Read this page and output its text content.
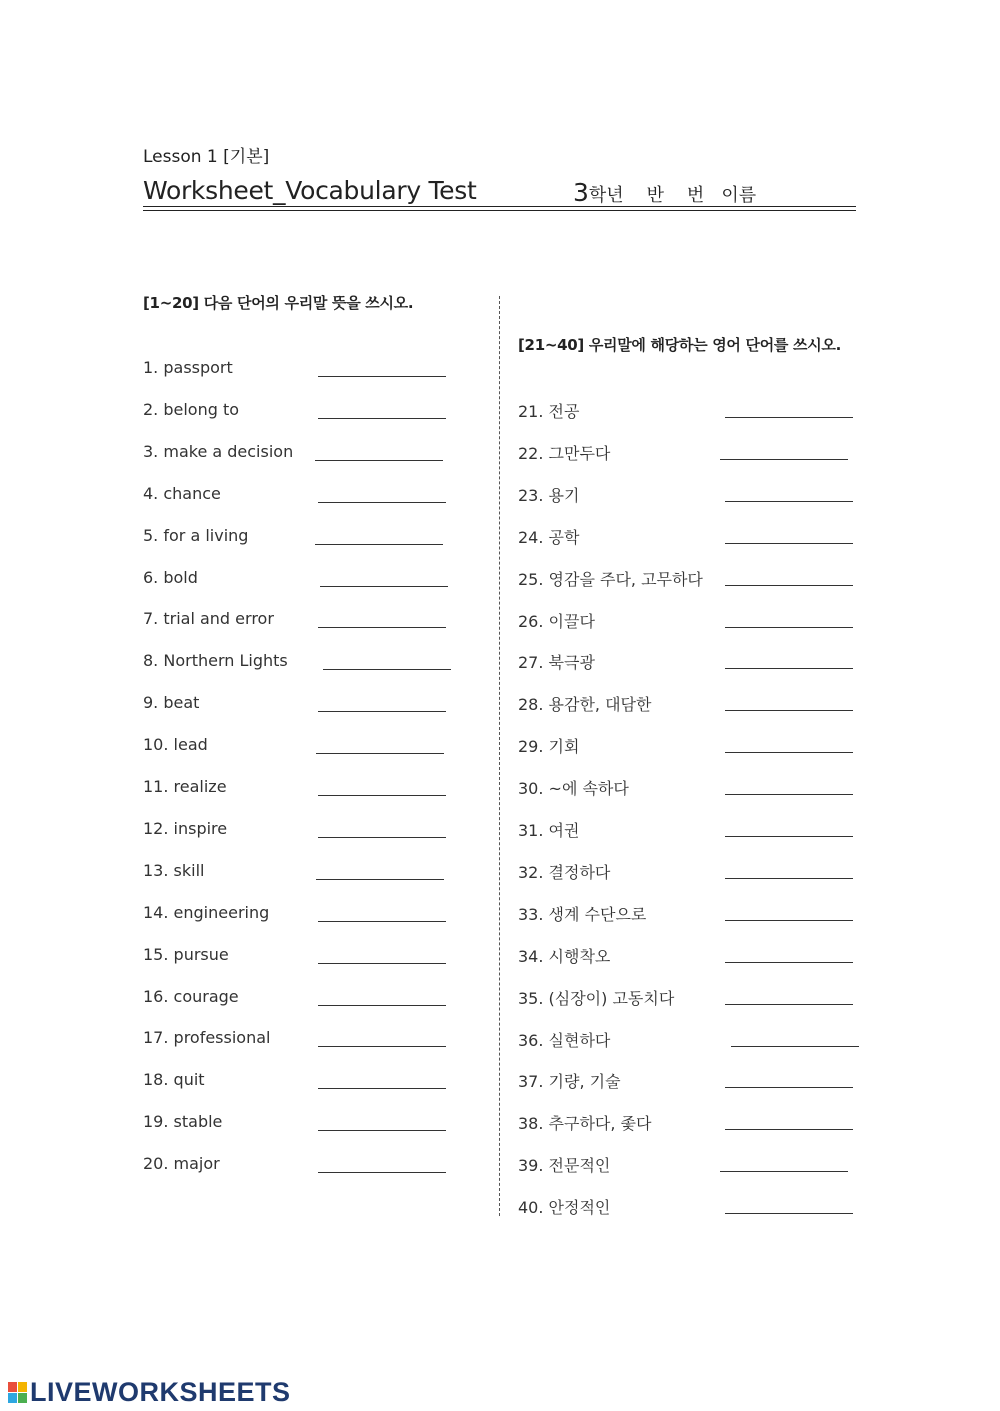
Lesson 1 [기본]
Worksheet_Vocabulary Test	3학년    반    번   이름
[1~20] 다음 단어의 우리말 뜻을 쓰시오.
[21~40] 우리말에 해당하는 영어 단어를 쓰시오.
1. passport
2. belong to
3. make a decision
4. chance
5. for a living
6. bold
7. trial and error
8. Northern Lights
9. beat
10. lead
11. realize
12. inspire
13. skill
14. engineering
15. pursue
16. courage
17. professional
18. quit
19. stable
20. major
21. 전공
22. 그만두다
23. 용기
24. 공학
25. 영감을 주다, 고무하다
26. 이끌다
27. 북극광
28. 용감한, 대담한
29. 기회
30. ~에 속하다
31. 여권
32. 결정하다
33. 생계 수단으로
34. 시행착오
35. (심장이) 고동치다
36. 실현하다
37. 기량, 기술
38. 추구하다, 좇다
39. 전문적인
40. 안정적인
LIVEWORKSHEETS
